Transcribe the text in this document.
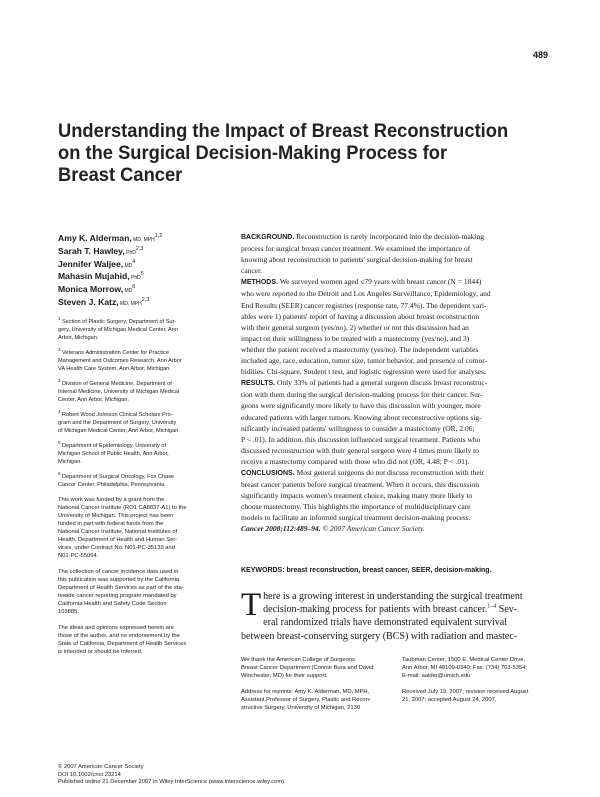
489
Understanding the Impact of Breast Reconstruction
on the Surgical Decision-Making Process for
Breast Cancer
Amy K. Alderman, MD, MPH$^{1,2}$
Sarah T. Hawley, PhD$^{2,3}$
Jennifer Waljee, $MD^4$
Mahasin Mujahid, PhD$^5$
Monica Morrow, $MD^6$
Steven J. Katz, MD, MPH$^{2,3}$
$^1$ Section of Plastic Surgery, Department of Sur-
gery, University of Michigan Medical Center, Ann
Arbor, Michigan.
$^2$ Veterans Administration Center for Practice
Management and Outcomes Research, Ann Arbor
VA Health Care System, Ann Arbor, Michigan.
$^3$ Division of General Medicine, Department of
Internal Medicine, University of Michigan Medical
Center, Ann Arbor, Michigan.
$^4$ Robert Wood Johnson Clinical Scholars Pro-
gram and the Department of Surgery, University
of Michigan Medical Center, Ann Arbor, Michigan.
$^5$ Department of Epidemiology, University of
Michigan School of Public Health, Ann Arbor,
Michigan.
$^6$ Department of Surgical Oncology, Fox Chase
Cancer Center, Philadelphia, Pennsylvania.
This work was funded by a grant from the
National Cancer Institute (RO1 CA8837-A1) to the
University of Michigan. This project has been
funded in part with federal funds from the
National Cancer Institute, National Institutes of
Health, Department of Health and Human Ser-
vices, under Contract No. N01-PC-35139 and
N01-PC-65064.
The collection of cancer incidence data used in
this publication was supported by the California
Department of Health Services as part of the sta-
tewide cancer reporting program mandated by
California Health and Safety Code Section
103885.
The ideas and opinions expressed herein are
those of the author, and no endorsement by the
State of California, Department of Health Services
is intended or should be inferred.
BACKGROUND. Reconstruction is rarely incorporated into the decision-making
process for surgical breast cancer treatment. We examined the importance of
knowing about reconstruction to patients' surgical decision-making for breast
cancer.
METHODS. We surveyed women aged ≤79 years with breast cancer (N = 1844)
who were reported to the Detroit and Los Angeles Surveillance, Epidemiology, and
End Results (SEER) cancer registries (response rate, 77.4%). The dependent vari-
ables were 1) patients' report of having a discussion about breast reconstruction
with their general surgeon (yes/no), 2) whether or not this discussion had an
impact on their willingness to be treated with a mastectomy (yes/no), and 3)
whether the patient received a mastectomy (yes/no). The independent variables
included age, race, education, tumor size, tumor behavior, and presence of comor-
bidities. Chi-square, Student t test, and logistic regression were used for analyses.
RESULTS. Only 33% of patients had a general surgeon discuss breast reconstruc-
tion with them during the surgical decision-making process for their cancer. Sur-
geons were significantly more likely to have this discussion with younger, more
educated patients with larger tumors. Knowing about reconstructive options sig-
nificantly increased patients' willingness to consider a mastectomy (OR, 2.06;
P < .01). In addition, this discussion influenced surgical treatment. Patients who
discussed reconstruction with their general surgeon were 4 times more likely to
receive a mastectomy compared with those who did not (OR, 4.48; P < .01).
CONCLUSIONS. Most general surgeons do not discuss reconstruction with their
breast cancer patients before surgical treatment. When it occurs, this discussion
significantly impacts women's treatment choice, making many more likely to
choose mastectomy. This highlights the importance of multidisciplinary care
models to facilitate an informed surgical treatment decision-making process.
Cancer 2008;112:489–94. © 2007 American Cancer Society.
KEYWORDS: breast reconstruction, breast cancer, SEER, decision-making.
T here is a growing interest in understanding the surgical treatment
decision-making process for patients with breast cancer.$^{1-4}$ Sev-
eral randomized trials have demonstrated equivalent survival
between breast-conserving surgery (BCS) with radiation and mastec-
We thank the American College of Surgeons
Breast Cancer Department (Connie Bura and David
Winchester, MD) for their support.
Address for reprints: Amy K. Alderman, MD, MPH,
Assistant Professor of Surgery, Plastic and Recon-
structive Surgery, University of Michigan, 2130
Taubman Center, 1500 E. Medical Center Drive,
Ann Arbor, MI 48109-0340; Fax: (734) 763-5354;
E-mail: aalder@umich.edu
Received July 19, 2007; revision received August
21, 2007; accepted August 24, 2007.
© 2007 American Cancer Society
DOI 10.1002/cncr.23214
Published online 21 December 2007 in Wiley InterScience (www.interscience.wiley.com).
